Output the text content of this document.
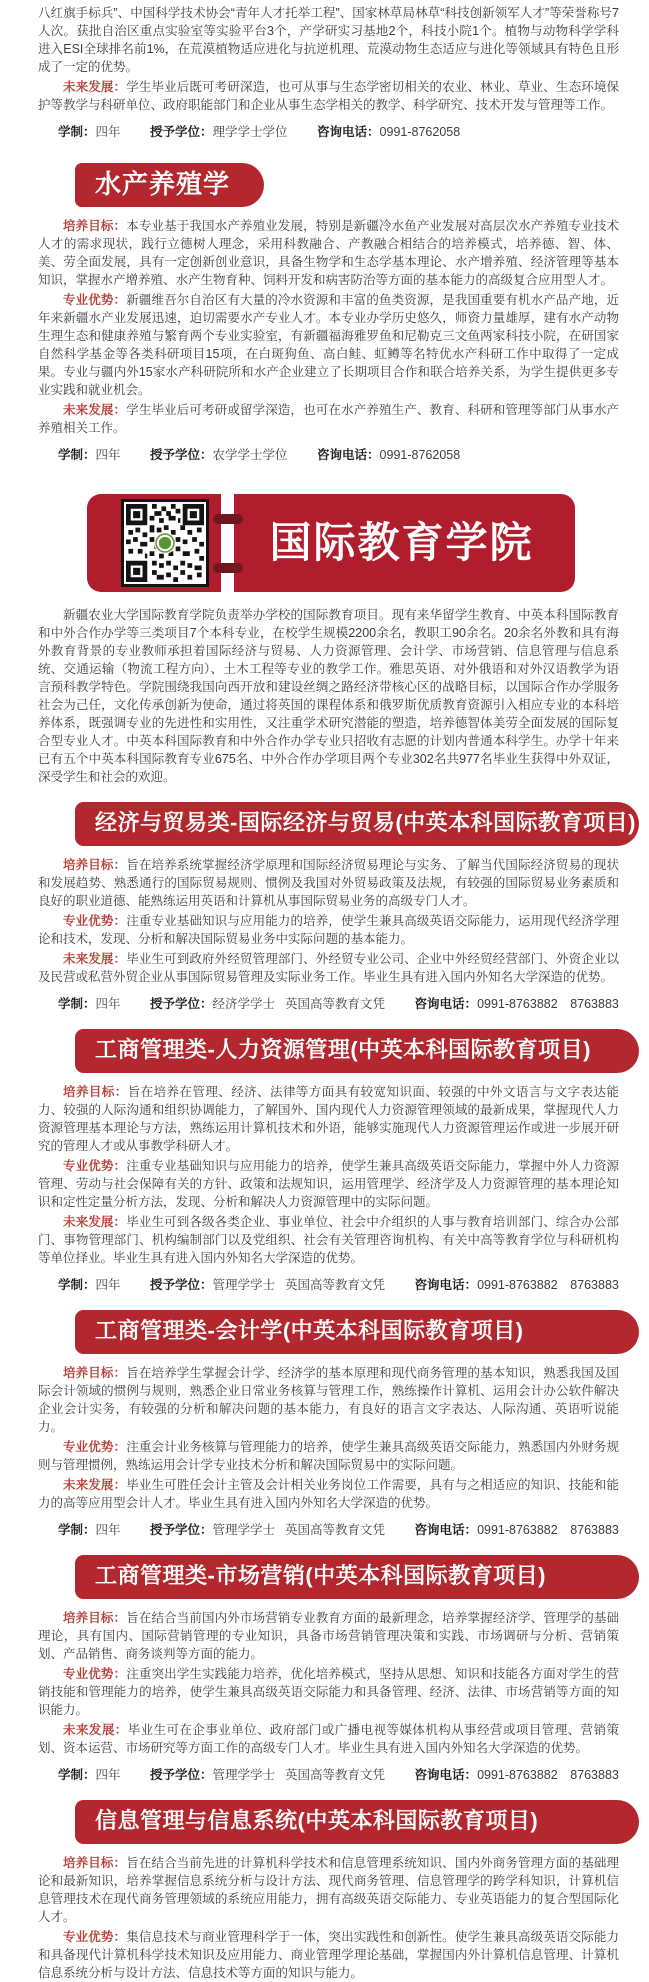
八红旗手标兵”、中国科学技术协会“青年人才托举工程”、国家林草局林草“科技创新领军人才”等荣誉称号7人次。获批自治区重点实验室等实验平台3个，产学研实习基地2个，科技小院1个。植物与动物科学学科进入ESI全球排名前1%，在荒漠植物适应进化与抗逆机理、荒漠动物生态适应与进化等领域具有特色且形成了一定的优势。

未来发展：学生毕业后既可考研深造，也可从事与生态学密切相关的农业、林业、草业、生态环境保护等教学与科研单位、政府职能部门和企业从事生态学相关的教学、科学研究、技术开发与管理等工作。

学制：四年 授予学位：理学学士学位 咨询电话：0991-8762058
水产养殖学

培养目标：本专业基于我国水产养殖业发展，特别是新疆冷水鱼产业发展对高层次水产养殖专业技术人才的需求现状，践行立德树人理念，采用科教融合、产教融合相结合的培养模式，培养德、智、体、美、劳全面发展，具有一定创新创业意识，具备生物学和生态学基本理论、水产增养殖、经济管理等基本知识，掌握水产增养殖、水产生物育种、饲料开发和病害防治等方面的基本能力的高级复合应用型人才。

专业优势：新疆维吾尔自治区有大量的冷水资源和丰富的鱼类资源，是我国重要有机水产品产地，近年来新疆水产业发展迅速，迫切需要水产专业人才。本专业办学历史悠久，师资力量雄厚，建有水产动物生理生态和健康养殖与繁育两个专业实验室，有新疆福海雅罗鱼和尼勒克三文鱼两家科技小院，在研国家自然科学基金等各类科研项目15项，在白斑狗鱼、高白鲑、虹鳟等名特优水产科研工作中取得了一定成果。专业与疆内外15家水产科研院所和水产企业建立了长期项目合作和联合培养关系，为学生提供更多专业实践和就业机会。

未来发展：学生毕业后可考研或留学深造，也可在水产养殖生产、教育、科研和管理等部门从事水产养殖相关工作。

学制：四年 授予学位：农学学士学位 咨询电话：0991-8762058
国际教育学院

新疆农业大学国际教育学院负责举办学校的国际教育项目。现有来华留学生教育、中英本科国际教育和中外合作办学等三类项目7个本科专业，在校学生规模2200余名，教职工90余名。20余名外教和具有海外教育背景的专业教师承担着国际经济与贸易、人力资源管理、会计学、市场营销、信息管理与信息系统、交通运输（物流工程方向）、土木工程等专业的教学工作。雅思英语、对外俄语和对外汉语教学为语言预科教学特色。学院围绕我国向西开放和建设丝绸之路经济带核心区的战略目标，以国际合作办学服务社会为己任，文化传承创新为使命，通过将英国的课程体系和俄罗斯优质教育资源引入相应专业的本科培养体系，既强调专业的先进性和实用性，又注重学术研究潜能的塑造，培养德智体美劳全面发展的国际复合型专业人才。中英本科国际教育和中外合作办学专业只招收有志愿的计划内普通本科学生。办学十年来已有五个中英本科国际教育专业675名、中外合作办学项目两个专业302名共977名毕业生获得中外双证，深受学生和社会的欢迎。

经济与贸易类-国际经济与贸易(中英本科国际教育项目)

培养目标：旨在培养系统掌握经济学原理和国际经济贸易理论与实务、了解当代国际经济贸易的现状和发展趋势、熟悉通行的国际贸易规则、惯例及我国对外贸易政策及法规，有较强的国际贸易业务素质和良好的职业道德、能熟练运用英语和计算机从事国际贸易业务的高级专门人才。

专业优势：注重专业基础知识与应用能力的培养，使学生兼具高级英语交际能力，运用现代经济学理论和技术，发现、分析和解决国际贸易业务中实际问题的基本能力。

未来发展：毕业生可到政府外经贸管理部门、外经贸专业公司、企业中外经贸经营部门、外资企业以及民营或私营外贸企业从事国际贸易管理及实际业务工作。毕业生具有进入国内外知名大学深造的优势。

学制：四年 授予学位：经济学学士 英国高等教育文凭 咨询电话：0991-8763882　8763883
工商管理类-人力资源管理(中英本科国际教育项目)

培养目标：旨在培养在管理、经济、法律等方面具有较宽知识面、较强的中外文语言与文字表达能力、较强的人际沟通和组织协调能力，了解国外、国内现代人力资源管理领域的最新成果，掌握现代人力资源管理基本理论与方法，熟练运用计算机技术和外语，能够实施现代人力资源管理运作或进一步展开研究的管理人才或从事教学科研人才。

专业优势：注重专业基础知识与应用能力的培养，使学生兼具高级英语交际能力，掌握中外人力资源管理、劳动与社会保障有关的方针、政策和法规知识，运用管理学、经济学及人力资源管理的基本理论知识和定性定量分析方法，发现、分析和解决人力资源管理中的实际问题。

未来发展：毕业生可到各级各类企业、事业单位、社会中介组织的人事与教育培训部门、综合办公部门、事物管理部门、机构编制部门以及党组织、社会有关管理咨询机构、有关中高等教育学位与科研机构等单位择业。毕业生具有进入国内外知名大学深造的优势。

学制：四年 授予学位：管理学学士 英国高等教育文凭 咨询电话：0991-8763882　8763883
工商管理类-会计学(中英本科国际教育项目)

培养目标：旨在培养学生掌握会计学、经济学的基本原理和现代商务管理的基本知识，熟悉我国及国际会计领域的惯例与规则，熟悉企业日常业务核算与管理工作，熟练操作计算机、运用会计办公软件解决企业会计实务，有较强的分析和解决问题的基本能力，有良好的语言文字表达、人际沟通、英语听说能力。

专业优势：注重会计业务核算与管理能力的培养，使学生兼具高级英语交际能力，熟悉国内外财务规则与管理惯例，熟练运用会计学专业技术分析和解决国际贸易中的实际问题。

未来发展：毕业生可胜任会计主管及会计相关业务岗位工作需要，具有与之相适应的知识、技能和能力的高等应用型会计人才。毕业生具有进入国内外知名大学深造的优势。

学制：四年 授予学位：管理学学士 英国高等教育文凭 咨询电话：0991-8763882　8763883
工商管理类-市场营销(中英本科国际教育项目)

培养目标：旨在结合当前国内外市场营销专业教育方面的最新理念，培养掌握经济学、管理学的基础理论，具有国内、国际营销管理的专业知识，具备市场营销管理决策和实践、市场调研与分析、营销策划、产品销售、商务谈判等方面的能力。

专业优势：注重突出学生实践能力培养，优化培养模式，坚持从思想、知识和技能各方面对学生的营销技能和管理能力的培养，使学生兼具高级英语交际能力和具备管理、经济、法律、市场营销等方面的知识能力。

未来发展：毕业生可在企事业单位、政府部门或广播电视等媒体机构从事经营或项目管理、营销策划、资本运营、市场研究等方面工作的高级专门人才。毕业生具有进入国内外知名大学深造的优势。

学制：四年 授予学位：管理学学士 英国高等教育文凭 咨询电话：0991-8763882　8763883
信息管理与信息系统(中英本科国际教育项目)

培养目标：旨在结合当前先进的计算机科学技术和信息管理系统知识、国内外商务管理方面的基础理论和最新知识，培养掌握信息系统分析与设计方法、现代商务管理、信息管理学的跨学科知识，计算机信息管理技术在现代商务管理领域的系统应用能力，拥有高级英语交际能力、专业英语能力的复合型国际化人才。

专业优势：集信息技术与商业管理科学于一体，突出实践性和创新性。使学生兼具高级英语交际能力和具备现代计算机科学技术知识及应用能力、商业管理学理论基础，掌握国内外计算机信息管理、计算机信息系统分析与设计方法、信息技术等方面的知识与能力。
